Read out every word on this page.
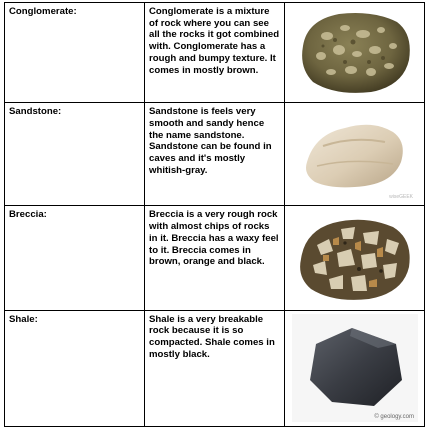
Conglomerate:	Conglomerate is a mixture of rock where you can see all the rocks it got combined with. Conglomerate has a rough and bumpy texture. It comes in mostly brown.	

Sandstone:	Sandstone is feels very smooth and sandy hence the name sandstone. Sandstone can be found in caves and it's mostly whitish-gray.	wiseGEEK

Breccia:	Breccia is a very rough rock with almost chips of rocks in it. Breccia has a waxy feel to it. Breccia comes in brown, orange and black.	

Shale:	Shale is a very breakable rock because it is so compacted. Shale comes in mostly black.	© geology.com
